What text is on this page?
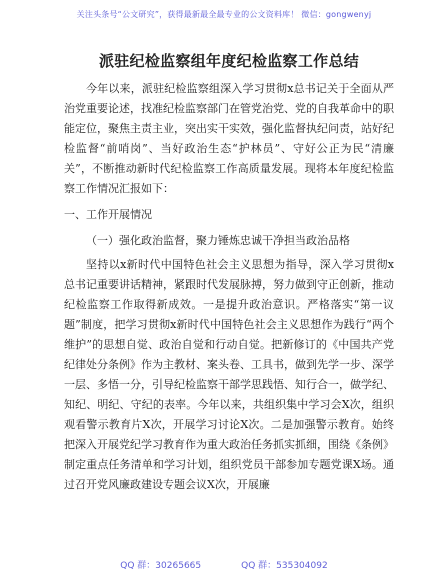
关注头条号“公文研究”，获得最新最全最专业的公文资料库！ 微信：gongwenyj
派驻纪检监察组年度纪检监察工作总结

今年以来，派驻纪检监察组深入学习贯彻x总书记关于全面从严治党重要论述，找准纪检监察部门在管党治党、党的自我革命中的职能定位，聚焦主责主业，突出实干实效，强化监督执纪问责，站好纪检监督“前哨岗”、当好政治生态“护林员”、守好公正为民“清廉关”，不断推动新时代纪检监察工作高质量发展。现将本年度纪检监察工作情况汇报如下：

一、工作开展情况
（一）强化政治监督，聚力锤炼忠诚干净担当政治品格

坚持以x新时代中国特色社会主义思想为指导，深入学习贯彻x总书记重要讲话精神，紧跟时代发展脉搏，努力做到守正创新，推动纪检监察工作取得新成效。一是提升政治意识。严格落实“第一议题”制度，把学习贯彻x新时代中国特色社会主义思想作为践行“两个维护”的思想自觉、政治自觉和行动自觉。把新修订的《中国共产党纪律处分条例》作为主教材、案头卷、工具书，做到先学一步、深学一层、多悟一分，引导纪检监察干部学思践悟、知行合一，做学纪、知纪、明纪、守纪的表率。今年以来，共组织集中学习会X次，组织观看警示教育片X次，开展学习讨论X次。二是加强警示教育。始终把深入开展党纪学习教育作为重大政治任务抓实抓细，围绕《条例》制定重点任务清单和学习计划，组织党员干部参加专题党课X场。通过召开党风廉政建设专题会议X次，开展廉

QQ 群：30265665	QQ 群：535304092
